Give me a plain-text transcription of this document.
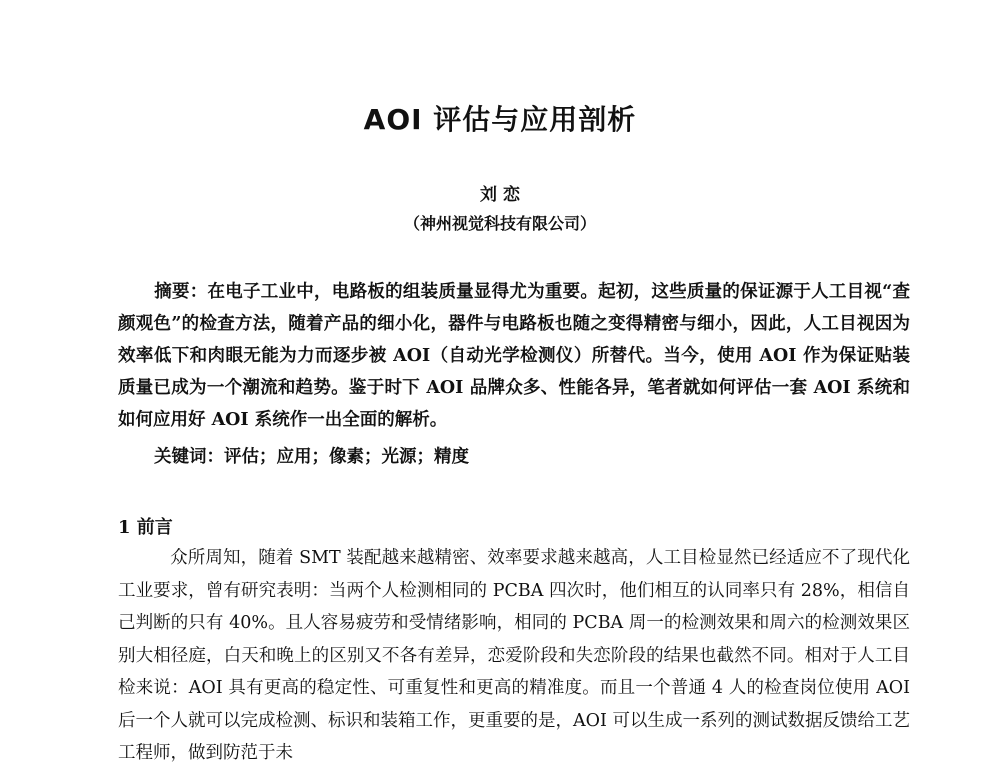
AOI 评估与应用剖析
刘 恋
（神州视觉科技有限公司）
摘要：在电子工业中，电路板的组装质量显得尤为重要。起初，这些质量的保证源于人工目视“查颜观色”的检查方法，随着产品的细小化，器件与电路板也随之变得精密与细小，因此，人工目视因为效率低下和肉眼无能为力而逐步被 AOI（自动光学检测仪）所替代。当今，使用 AOI 作为保证贴装质量已成为一个潮流和趋势。鉴于时下 AOI 品牌众多、性能各异，笔者就如何评估一套 AOI 系统和如何应用好 AOI 系统作一出全面的解析。
关键词：评估；应用；像素；光源；精度
1 前言
众所周知，随着 SMT 装配越来越精密、效率要求越来越高，人工目检显然已经适应不了现代化工业要求，曾有研究表明：当两个人检测相同的 PCBA 四次时，他们相互的认同率只有 28%，相信自己判断的只有 40%。且人容易疲劳和受情绪影响，相同的 PCBA 周一的检测效果和周六的检测效果区别大相径庭，白天和晚上的区别又不各有差异，恋爱阶段和失恋阶段的结果也截然不同。相对于人工目检来说：AOI 具有更高的稳定性、可重复性和更高的精准度。而且一个普通 4 人的检查岗位使用 AOI 后一个人就可以完成检测、标识和装箱工作，更重要的是，AOI 可以生成一系列的测试数据反馈给工艺工程师，做到防范于未
